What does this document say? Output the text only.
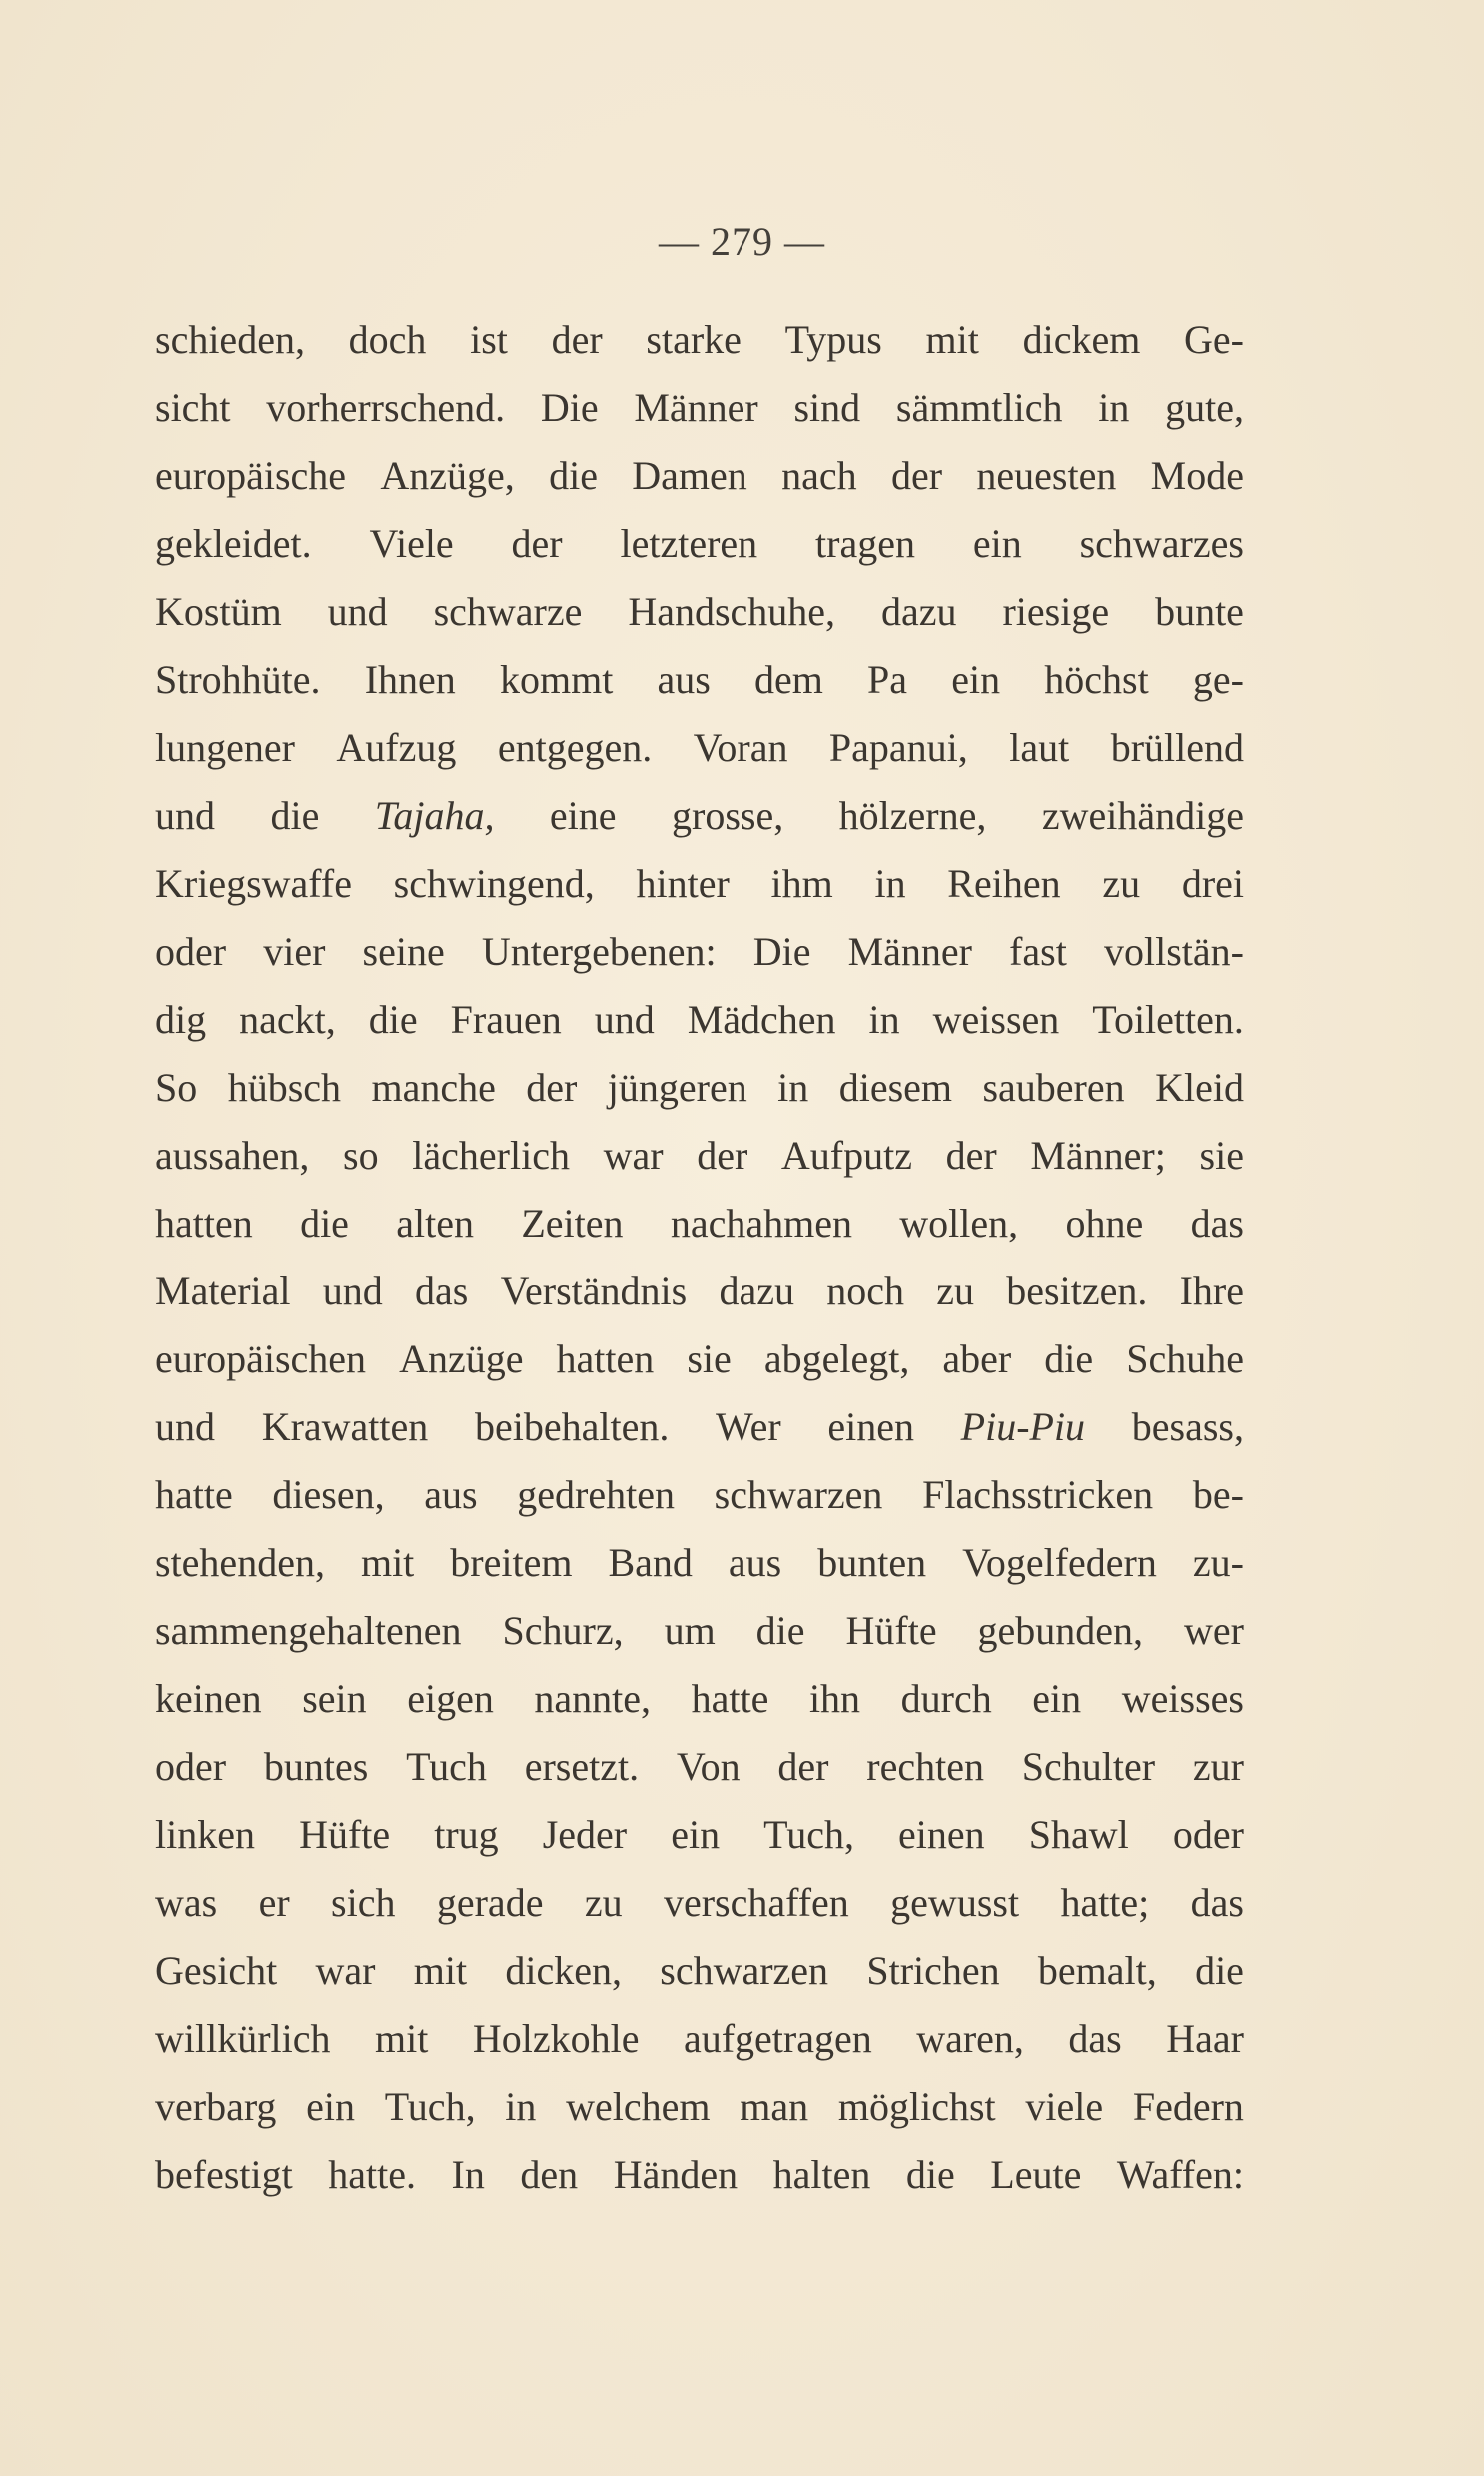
— 279 —
schieden, doch ist der starke Typus mit dickem Ge-
sicht vorherrschend. Die Männer sind sämmtlich in gute,
europäische Anzüge, die Damen nach der neuesten Mode
gekleidet. Viele der letzteren tragen ein schwarzes
Kostüm und schwarze Handschuhe, dazu riesige bunte
Strohhüte. Ihnen kommt aus dem Pa ein höchst ge-
lungener Aufzug entgegen. Voran Papanui, laut brüllend
und die Tajaha, eine grosse, hölzerne, zweihändige
Kriegswaffe schwingend, hinter ihm in Reihen zu drei
oder vier seine Untergebenen: Die Männer fast vollstän-
dig nackt, die Frauen und Mädchen in weissen Toiletten.
So hübsch manche der jüngeren in diesem sauberen Kleid
aussahen, so lächerlich war der Aufputz der Männer; sie
hatten die alten Zeiten nachahmen wollen, ohne das
Material und das Verständnis dazu noch zu besitzen. Ihre
europäischen Anzüge hatten sie abgelegt, aber die Schuhe
und Krawatten beibehalten. Wer einen Piu-Piu besass,
hatte diesen, aus gedrehten schwarzen Flachsstricken be-
stehenden, mit breitem Band aus bunten Vogelfedern zu-
sammengehaltenen Schurz, um die Hüfte gebunden, wer
keinen sein eigen nannte, hatte ihn durch ein weisses
oder buntes Tuch ersetzt. Von der rechten Schulter zur
linken Hüfte trug Jeder ein Tuch, einen Shawl oder
was er sich gerade zu verschaffen gewusst hatte; das
Gesicht war mit dicken, schwarzen Strichen bemalt, die
willkürlich mit Holzkohle aufgetragen waren, das Haar
verbarg ein Tuch, in welchem man möglichst viele Federn
befestigt hatte. In den Händen halten die Leute Waffen:
